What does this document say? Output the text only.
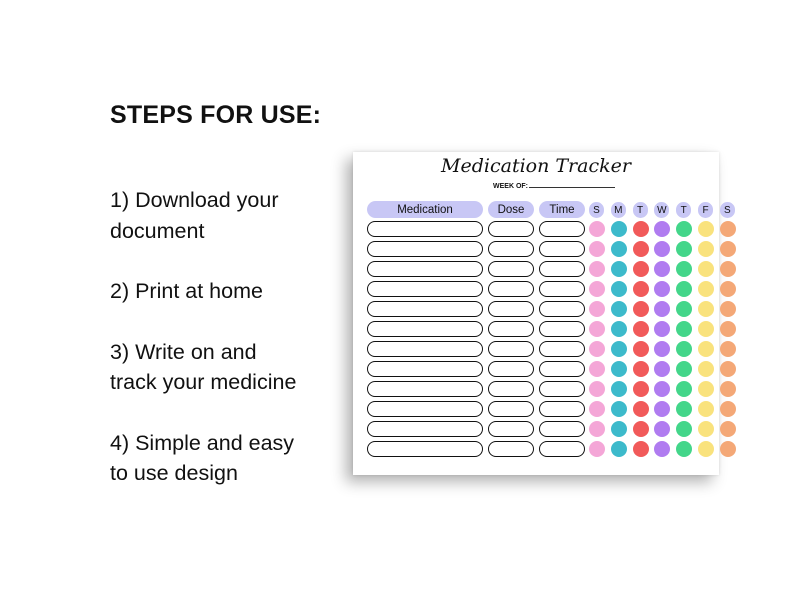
STEPS FOR USE:

1) Download your
document

2) Print at home

3) Write on and
track your medicine

4) Simple and easy
to use design

Medication Tracker
WEEK OF:
Medication	Dose	Time	S	M	T	W	T	F	S
